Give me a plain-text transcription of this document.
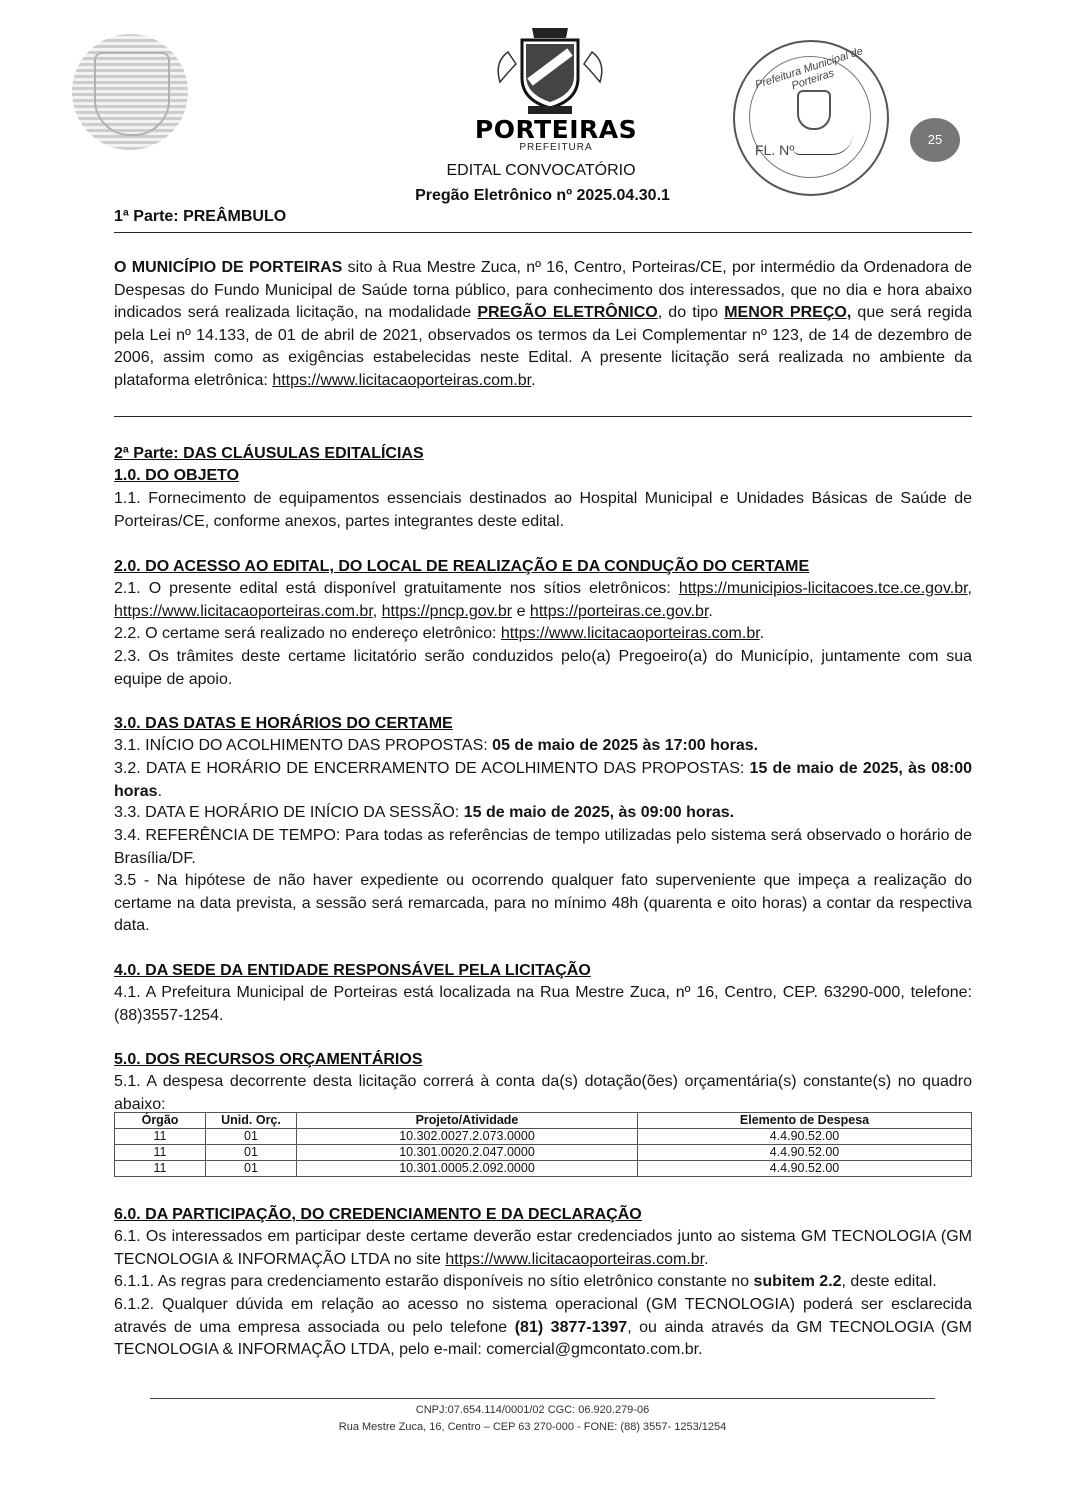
PORTEIRAS
PREFEITURA
Prefeitura Municipal de Porteiras
FL. Nº
25
EDITAL CONVOCATÓRIO
Pregão Eletrônico nº 2025.04.30.1
1ª Parte: PREÂMBULO
O MUNICÍPIO DE PORTEIRAS sito à Rua Mestre Zuca, nº 16, Centro, Porteiras/CE, por intermédio da Ordenadora de Despesas do Fundo Municipal de Saúde torna público, para conhecimento dos interessados, que no dia e hora abaixo indicados será realizada licitação, na modalidade PREGÃO ELETRÔNICO, do tipo MENOR PREÇO, que será regida pela Lei nº 14.133, de 01 de abril de 2021, observados os termos da Lei Complementar nº 123, de 14 de dezembro de 2006, assim como as exigências estabelecidas neste Edital. A presente licitação será realizada no ambiente da plataforma eletrônica: https://www.licitacaoporteiras.com.br.
2ª Parte: DAS CLÁUSULAS EDITALÍCIAS
1.0. DO OBJETO
1.1. Fornecimento de equipamentos essenciais destinados ao Hospital Municipal e Unidades Básicas de Saúde de Porteiras/CE, conforme anexos, partes integrantes deste edital.
2.0. DO ACESSO AO EDITAL, DO LOCAL DE REALIZAÇÃO E DA CONDUÇÃO DO CERTAME
2.1. O presente edital está disponível gratuitamente nos sítios eletrônicos: https://municipios-licitacoes.tce.ce.gov.br, https://www.licitacaoporteiras.com.br, https://pncp.gov.br e https://porteiras.ce.gov.br.
2.2. O certame será realizado no endereço eletrônico: https://www.licitacaoporteiras.com.br.
2.3. Os trâmites deste certame licitatório serão conduzidos pelo(a) Pregoeiro(a) do Município, juntamente com sua equipe de apoio.
3.0. DAS DATAS E HORÁRIOS DO CERTAME
3.1. INÍCIO DO ACOLHIMENTO DAS PROPOSTAS: 05 de maio de 2025 às 17:00 horas.
3.2. DATA E HORÁRIO DE ENCERRAMENTO DE ACOLHIMENTO DAS PROPOSTAS: 15 de maio de 2025, às 08:00 horas.
3.3. DATA E HORÁRIO DE INÍCIO DA SESSÃO: 15 de maio de 2025, às 09:00 horas.
3.4. REFERÊNCIA DE TEMPO: Para todas as referências de tempo utilizadas pelo sistema será observado o horário de Brasília/DF.
3.5 - Na hipótese de não haver expediente ou ocorrendo qualquer fato superveniente que impeça a realização do certame na data prevista, a sessão será remarcada, para no mínimo 48h (quarenta e oito horas) a contar da respectiva data.
4.0. DA SEDE DA ENTIDADE RESPONSÁVEL PELA LICITAÇÃO
4.1. A Prefeitura Municipal de Porteiras está localizada na Rua Mestre Zuca, nº 16, Centro, CEP. 63290-000, telefone: (88)3557-1254.
5.0. DOS RECURSOS ORÇAMENTÁRIOS
5.1. A despesa decorrente desta licitação correrá à conta da(s) dotação(ões) orçamentária(s) constante(s) no quadro abaixo:
Órgão	Unid. Orç.	Projeto/Atividade	Elemento de Despesa
11	01	10.302.0027.2.073.0000	4.4.90.52.00
11	01	10.301.0020.2.047.0000	4.4.90.52.00
11	01	10.301.0005.2.092.0000	4.4.90.52.00
6.0. DA PARTICIPAÇÃO, DO CREDENCIAMENTO E DA DECLARAÇÃO
6.1. Os interessados em participar deste certame deverão estar credenciados junto ao sistema GM TECNOLOGIA (GM TECNOLOGIA & INFORMAÇÃO LTDA no site https://www.licitacaoporteiras.com.br.
6.1.1. As regras para credenciamento estarão disponíveis no sítio eletrônico constante no subitem 2.2, deste edital.
6.1.2. Qualquer dúvida em relação ao acesso no sistema operacional (GM TECNOLOGIA) poderá ser esclarecida através de uma empresa associada ou pelo telefone (81) 3877-1397, ou ainda através da GM TECNOLOGIA (GM TECNOLOGIA & INFORMAÇÃO LTDA, pelo e-mail: comercial@gmcontato.com.br.
CNPJ:07.654.114/0001/02 CGC: 06.920.279-06
Rua Mestre Zuca, 16, Centro – CEP 63 270-000 - FONE: (88) 3557- 1253/1254
